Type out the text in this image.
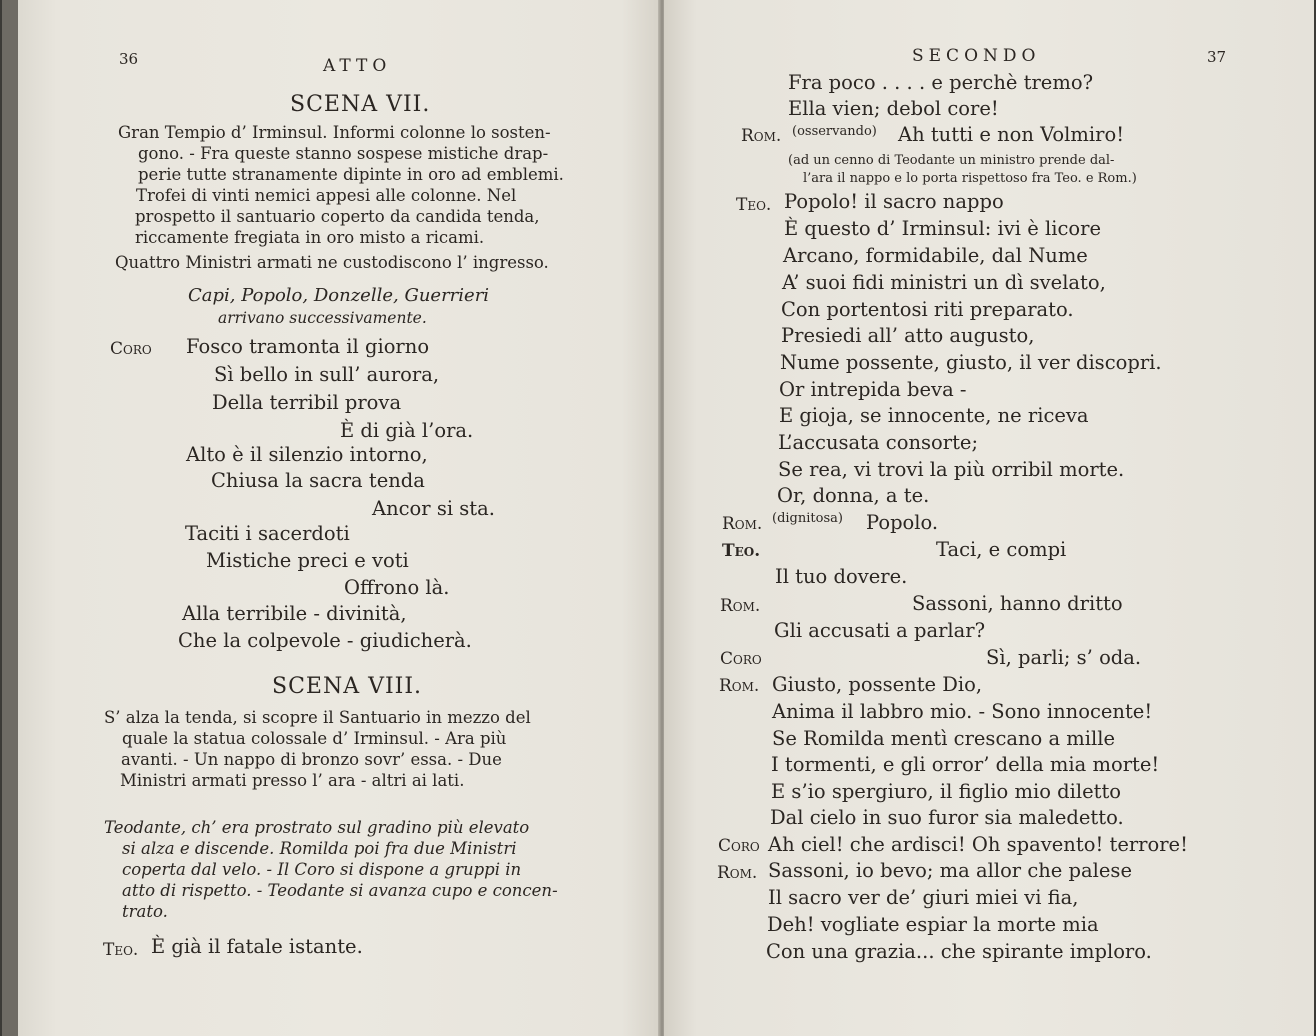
36	ATTO
SCENA VII.
Gran Tempio d’ Irminsul. Informi colonne lo sosten-
gono. - Fra queste stanno sospese mistiche drap-
perie tutte stranamente dipinte in oro ad emblemi.
Trofei di vinti nemici appesi alle colonne. Nel
prospetto il santuario coperto da candida tenda,
riccamente fregiata in oro misto a ricami.
Quattro Ministri armati ne custodiscono l’ ingresso.
Capi, Popolo, Donzelle, Guerrieri
arrivano successivamente.
Coro Fosco tramonta il giorno
Sì bello in sull’ aurora,
Della terribil prova
È di già l’ora.
Alto è il silenzio intorno,
Chiusa la sacra tenda
Ancor si sta.
Taciti i sacerdoti
Mistiche preci e voti
Offrono là.
Alla terribile - divinità,
Che la colpevole - giudicherà.
SCENA VIII.
S’ alza la tenda, si scopre il Santuario in mezzo del
quale la statua colossale d’ Irminsul. - Ara più
avanti. - Un nappo di bronzo sovr’ essa. - Due
Ministri armati presso l’ ara - altri ai lati.
Teodante, ch’ era prostrato sul gradino più elevato
si alza e discende. Romilda poi fra due Ministri
coperta dal velo. - Il Coro si dispone a gruppi in
atto di rispetto. - Teodante si avanza cupo e concen-
trato.
Teo. È già il fatale istante.
SECONDO	37
Fra poco . . . . e perchè tremo?
Ella vien; debol core!
Rom. (osservando) Ah tutti e non Volmiro!
(ad un cenno di Teodante un ministro prende dal-
l’ara il nappo e lo porta rispettoso fra Teo. e Rom.)
Teo. Popolo! il sacro nappo
È questo d’ Irminsul: ivi è licore
Arcano, formidabile, dal Nume
A’ suoi fidi ministri un dì svelato,
Con portentosi riti preparato.
Presiedi all’ atto augusto,
Nume possente, giusto, il ver discopri.
Or intrepida beva -
E gioja, se innocente, ne riceva
L’accusata consorte;
Se rea, vi trovi la più orribil morte.
Or, donna, a te.
Rom. (dignitosa) Popolo.
Teo.	Taci, e compi
Il tuo dovere.
Rom.	Sassoni, hanno dritto
Gli accusati a parlar?
Coro	Sì, parli; s’ oda.
Rom. Giusto, possente Dio,
Anima il labbro mio. - Sono innocente!
Se Romilda mentì crescano a mille
I tormenti, e gli orror’ della mia morte!
E s’io spergiuro, il figlio mio diletto
Dal cielo in suo furor sia maledetto.
Coro Ah ciel! che ardisci! Oh spavento! terrore!
Rom. Sassoni, io bevo; ma allor che palese
Il sacro ver de’ giuri miei vi fia,
Deh! vogliate espiar la morte mia
Con una grazia... che spirante imploro.
